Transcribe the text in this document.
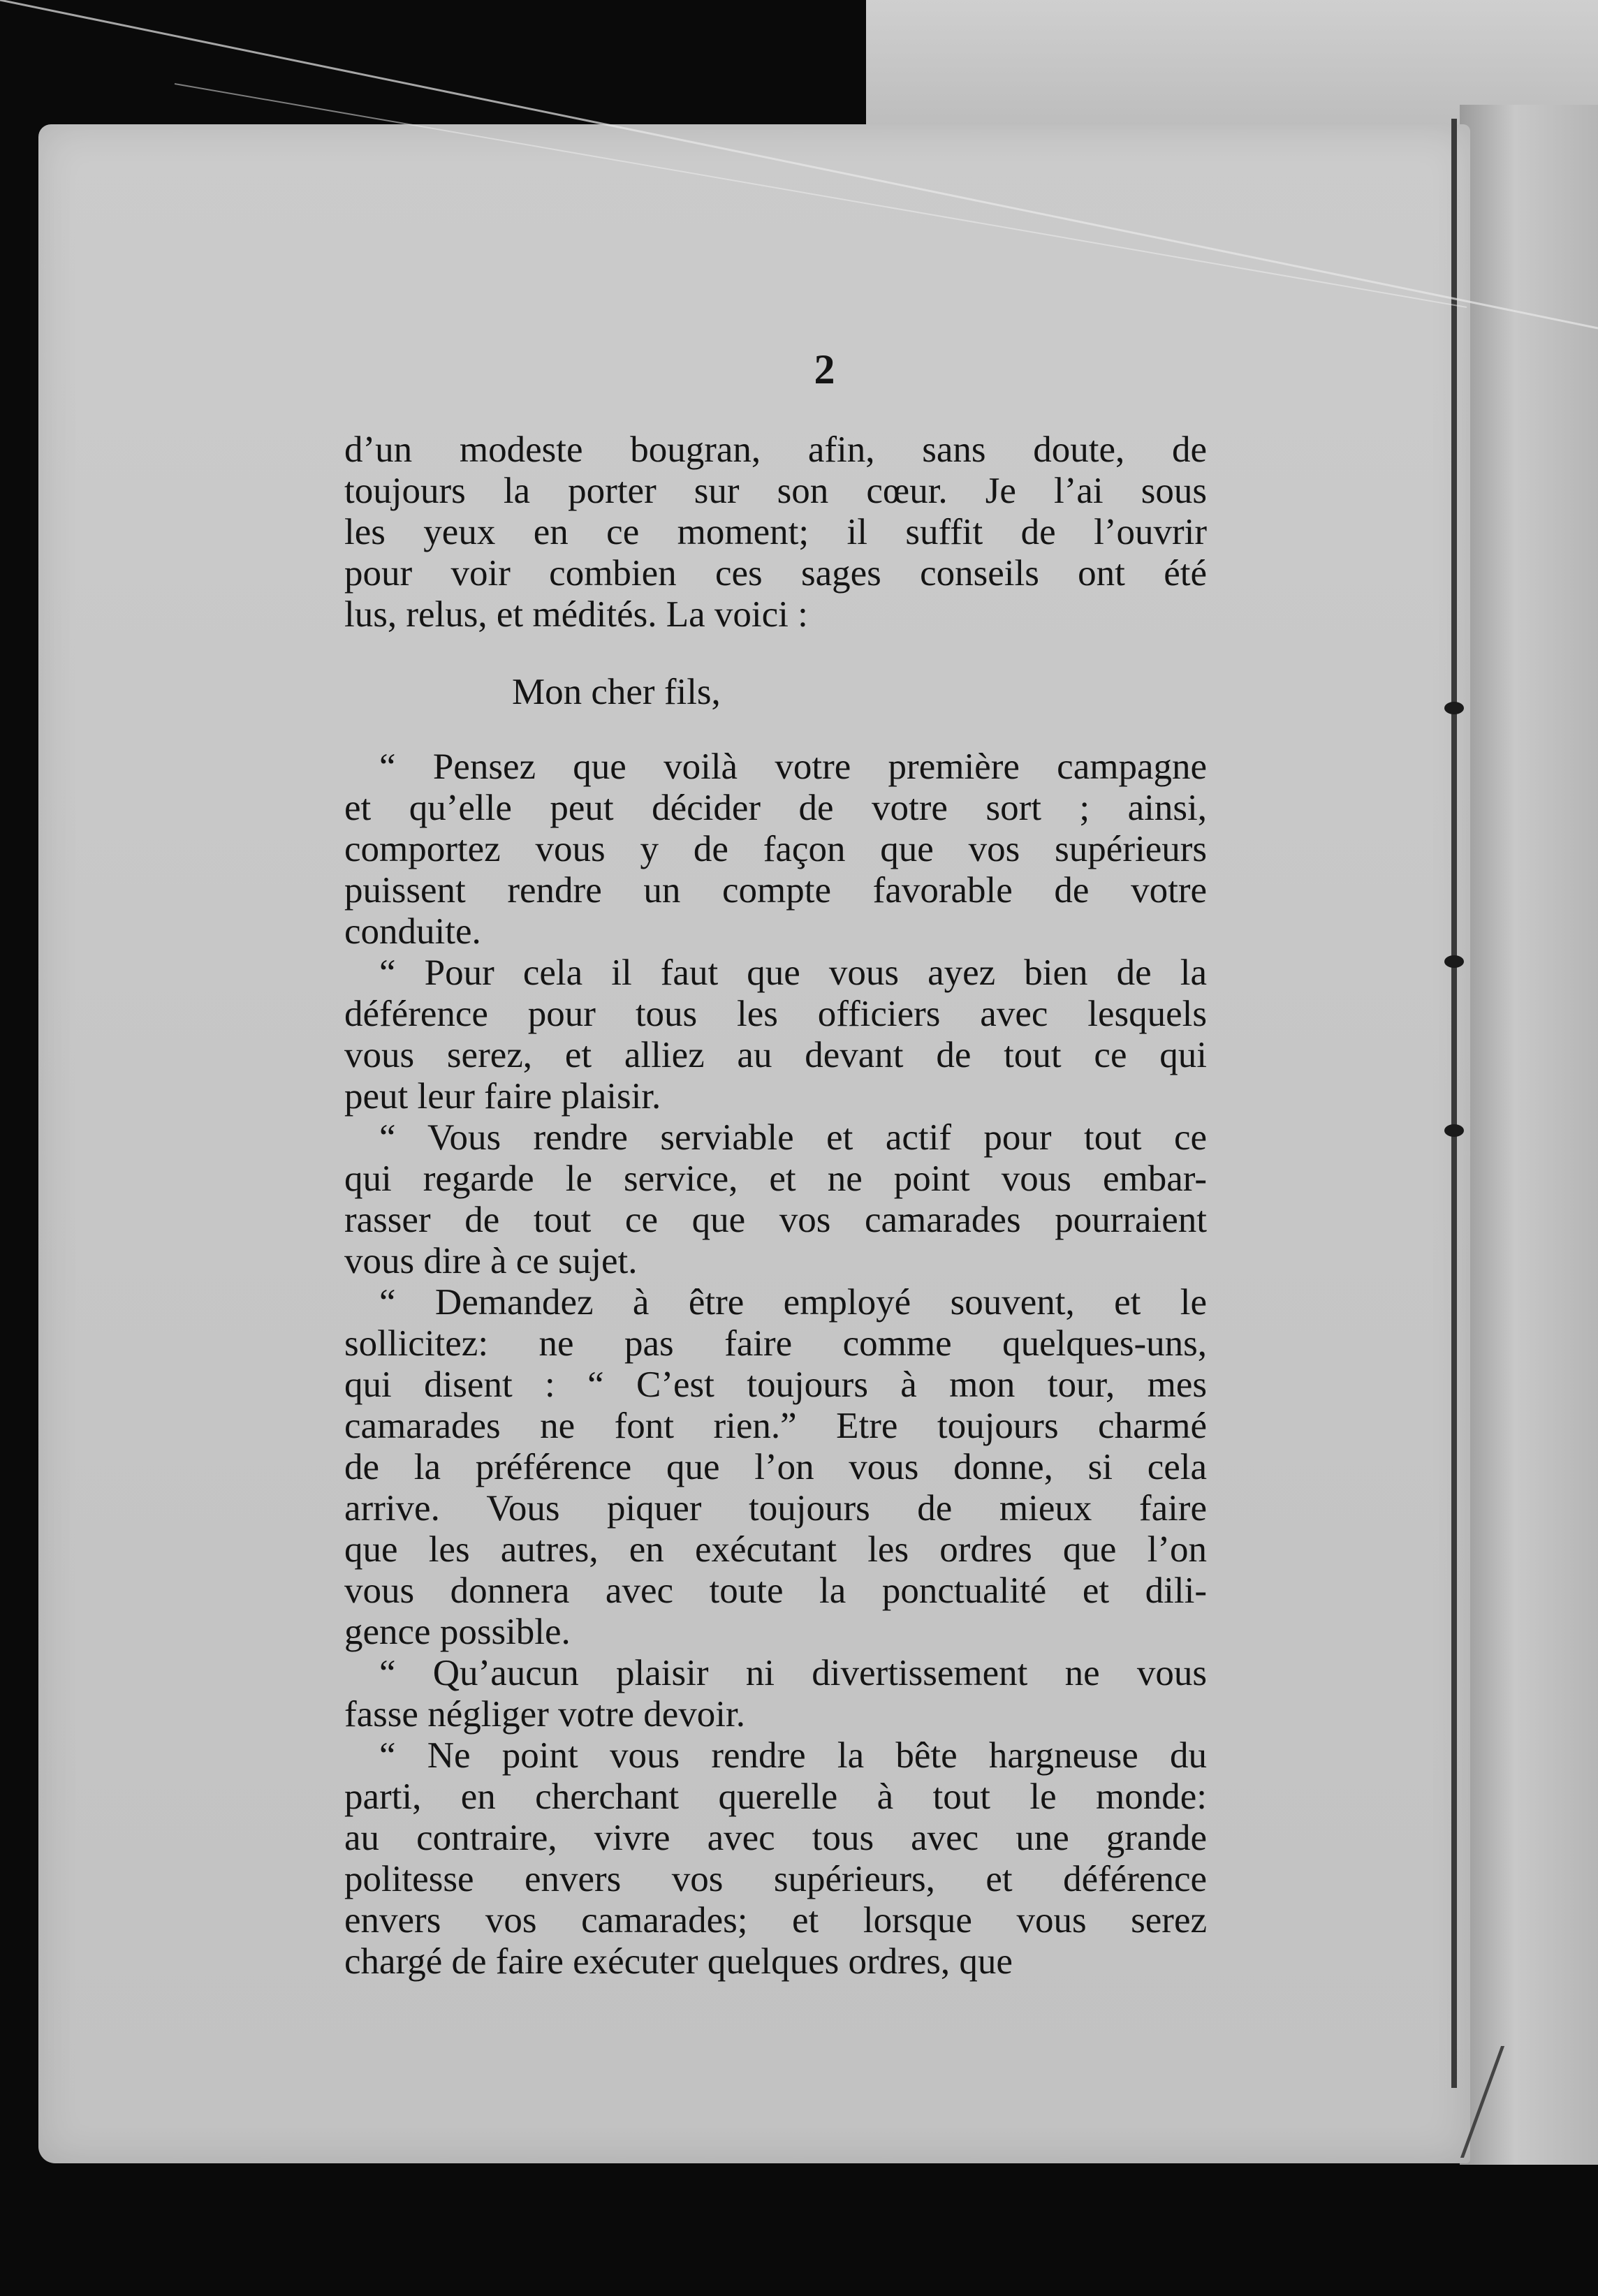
2
d’un modeste bougran, afin, sans doute, de
toujours la porter sur son cœur. Je l’ai sous
les yeux en ce moment; il suffit de l’ouvrir
pour voir combien ces sages conseils ont été
lus, relus, et médités. La voici :
Mon cher fils,
“ Pensez que voilà votre première campagne
et qu’elle peut décider de votre sort ; ainsi,
comportez vous y de façon que vos supérieurs
puissent rendre un compte favorable de votre
conduite.
“ Pour cela il faut que vous ayez bien de la
déférence pour tous les officiers avec lesquels
vous serez, et alliez au devant de tout ce qui
peut leur faire plaisir.
“ Vous rendre serviable et actif pour tout ce
qui regarde le service, et ne point vous embar-
rasser de tout ce que vos camarades pourraient
vous dire à ce sujet.
“ Demandez à être employé souvent, et le
sollicitez: ne pas faire comme quelques-uns,
qui disent : “ C’est toujours à mon tour, mes
camarades ne font rien.” Etre toujours charmé
de la préférence que l’on vous donne, si cela
arrive. Vous piquer toujours de mieux faire
que les autres, en exécutant les ordres que l’on
vous donnera avec toute la ponctualité et dili-
gence possible.
“ Qu’aucun plaisir ni divertissement ne vous
fasse négliger votre devoir.
“ Ne point vous rendre la bête hargneuse du
parti, en cherchant querelle à tout le monde:
au contraire, vivre avec tous avec une grande
politesse envers vos supérieurs, et déférence
envers vos camarades; et lorsque vous serez
chargé de faire exécuter quelques ordres, que
